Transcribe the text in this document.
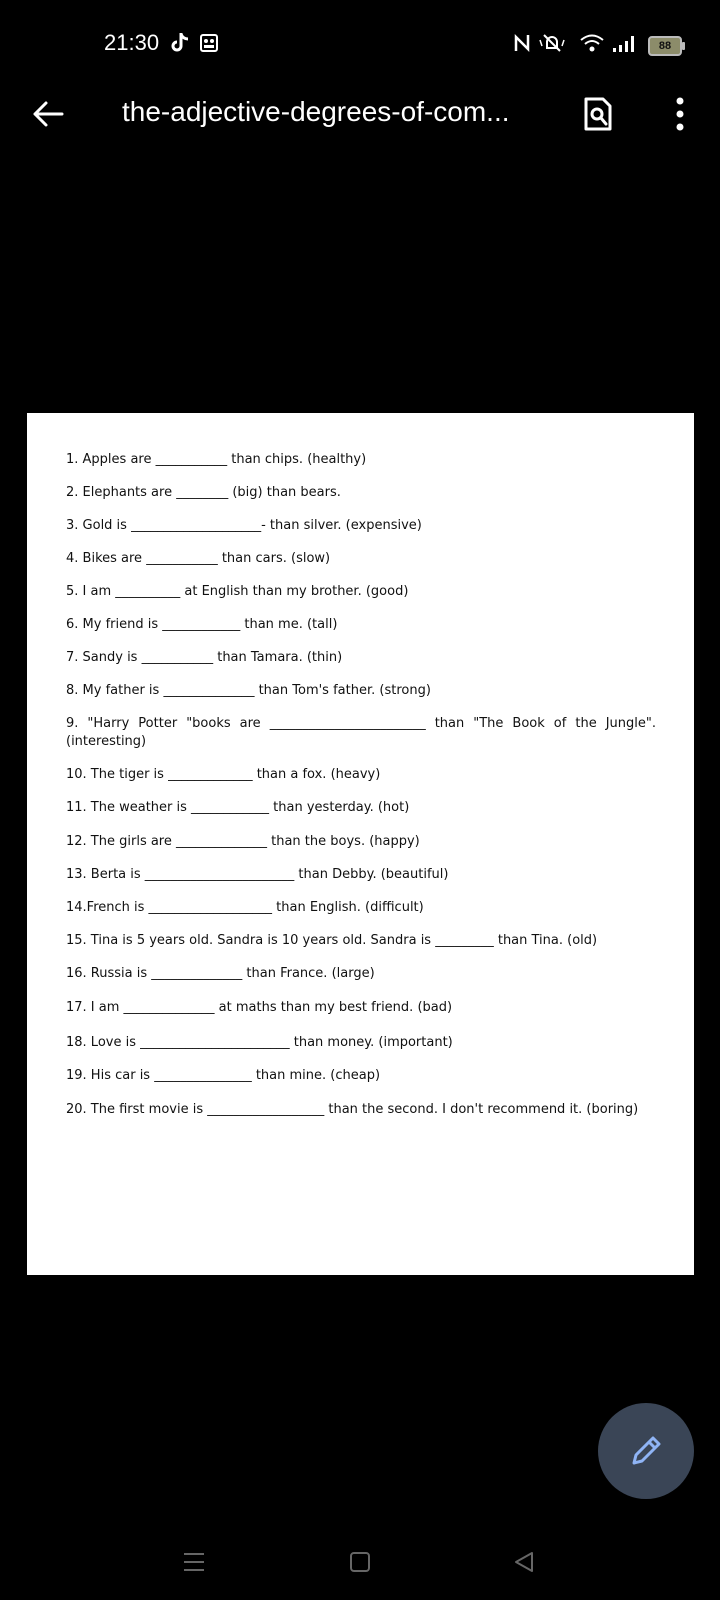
21:30	88
the-adjective-degrees-of-com...
1. Apples are ___________ than chips. (healthy)
2. Elephants are ________ (big) than bears.
3. Gold is ____________________- than silver. (expensive)
4. Bikes are ___________ than cars. (slow)
5. I am __________ at English than my brother. (good)
6. My friend is ____________ than me. (tall)
7. Sandy is ___________ than Tamara. (thin)
8. My father is ______________ than Tom's father. (strong)
9. "Harry Potter "books are ________________________ than "The Book of the Jungle". (interesting)
10. The tiger is _____________ than a fox. (heavy)
11. The weather is ____________ than yesterday. (hot)
12. The girls are ______________ than the boys. (happy)
13. Berta is _______________________ than Debby. (beautiful)
14.French is ___________________ than English. (difficult)
15. Tina is 5 years old. Sandra is 10 years old. Sandra is _________ than Tina. (old)
16. Russia is ______________ than France. (large)
17. I am ______________ at maths than my best friend. (bad)
18. Love is _______________________ than money. (important)
19. His car is _______________ than mine. (cheap)
20. The first movie is __________________ than the second. I don't recommend it. (boring)
